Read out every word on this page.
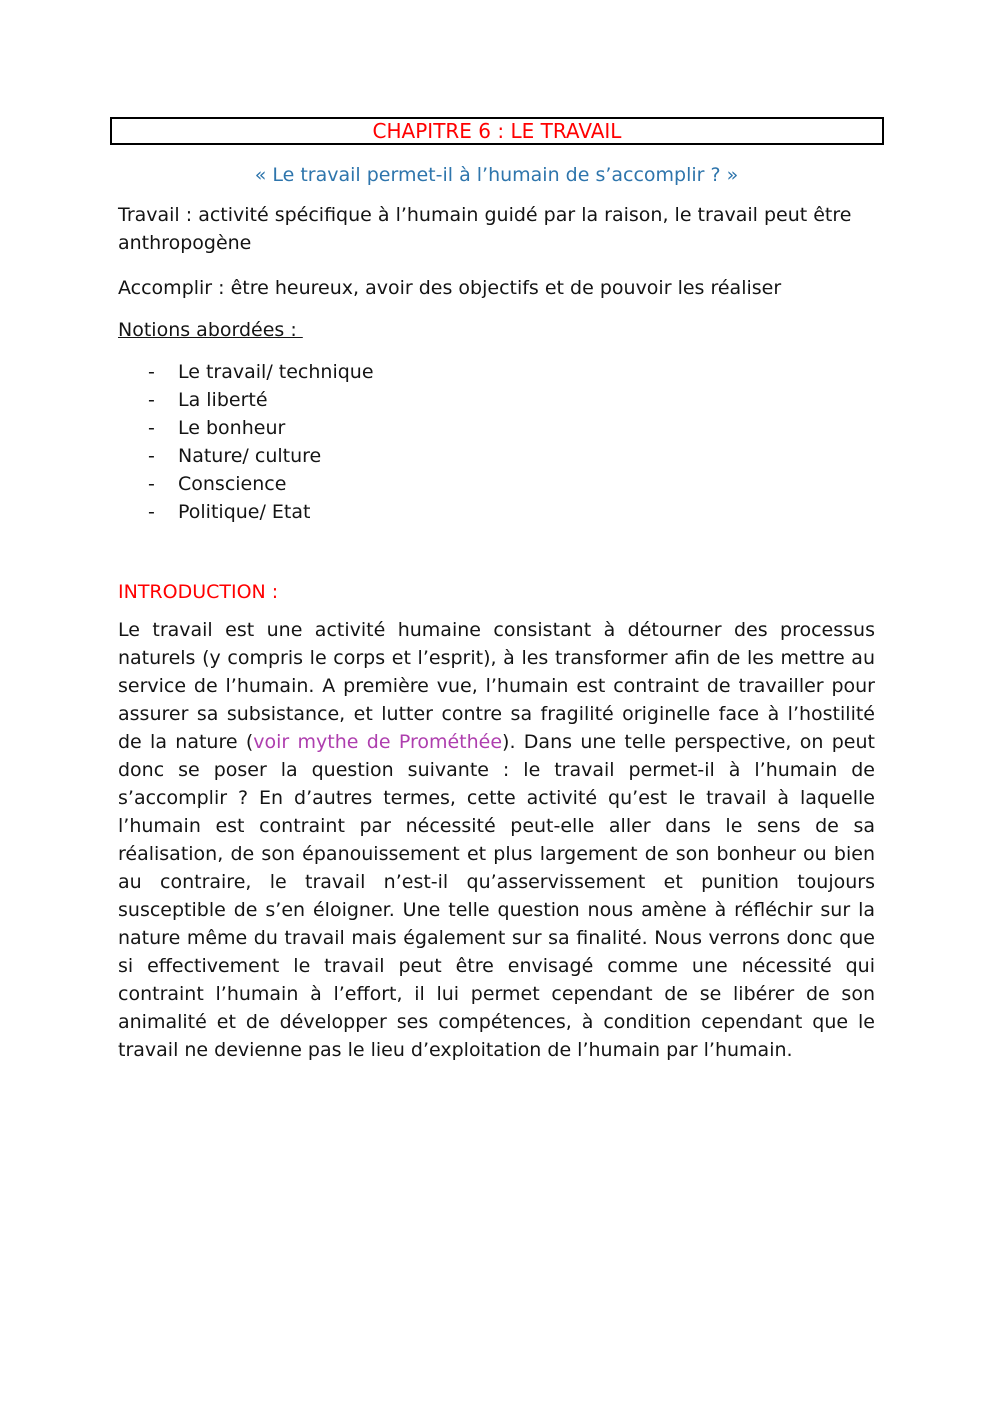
CHAPITRE 6 : LE TRAVAIL

« Le travail permet-il à l’humain de s’accomplir ? »

Travail : activité spécifique à l’humain guidé par la raison, le travail peut être anthropogène

Accomplir : être heureux, avoir des objectifs et de pouvoir les réaliser

Notions abordées :

-	Le travail/ technique
-	La liberté
-	Le bonheur
-	Nature/ culture
-	Conscience
-	Politique/ Etat

INTRODUCTION :

Le travail est une activité humaine consistant à détourner des processus naturels (y compris le corps et l’esprit), à les transformer afin de les mettre au service de l’humain. A première vue, l’humain est contraint de travailler pour assurer sa subsistance, et lutter contre sa fragilité originelle face à l’hostilité de la nature (voir mythe de Prométhée). Dans une telle perspective, on peut donc se poser la question suivante : le travail permet-il à l’humain de s’accomplir ? En d’autres termes, cette activité qu’est le travail à laquelle l’humain est contraint par nécessité peut-elle aller dans le sens de sa réalisation, de son épanouissement et plus largement de son bonheur ou bien au contraire, le travail n’est-il qu’asservissement et punition toujours susceptible de s’en éloigner. Une telle question nous amène à réfléchir sur la nature même du travail mais également sur sa finalité. Nous verrons donc que si effectivement le travail peut être envisagé comme une nécessité qui contraint l’humain à l’effort, il lui permet cependant de se libérer de son animalité et de développer ses compétences, à condition cependant que le travail ne devienne pas le lieu d’exploitation de l’humain par l’humain.
